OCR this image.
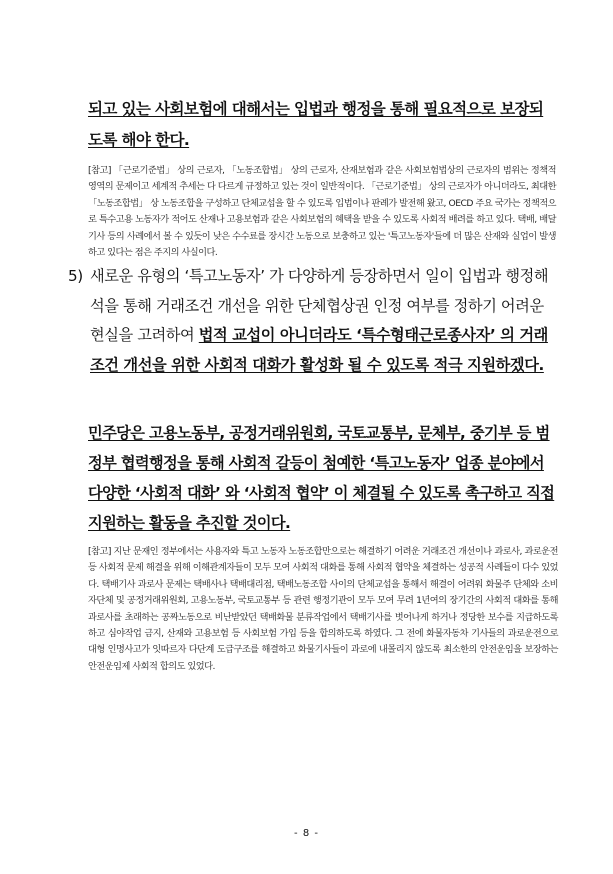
되고 있는 사회보험에 대해서는 입법과 행정을 통해 필요적으로 보장되도록 해야 한다.

[참고] 「근로기준법」 상의 근로자, 「노동조합법」 상의 근로자, 산재보험과 같은 사회보험법상의 근로자의 범위는 정책적 영역의 문제이고 세계적 추세는 다 다르게 규정하고 있는 것이 일반적이다. 「근로기준법」 상의 근로자가 아니더라도, 최대한 「노동조합법」 상 노동조합을 구성하고 단체교섭을 할 수 있도록 입법이나 판례가 발전해 왔고, OECD 주요 국가는 정책적으로 특수고용 노동자가 적어도 산재나 고용보험과 같은 사회보험의 혜택을 받을 수 있도록 사회적 배려를 하고 있다. 택배, 배달기사 등의 사례에서 볼 수 있듯이 낮은 수수료를 장시간 노동으로 보충하고 있는 '특고노동자'들에 더 많은 산재와 실업이 발생하고 있다는 점은 주지의 사실이다.

5) 새로운 유형의 ‘특고노동자’ 가 다양하게 등장하면서 일이 입법과 행정해석을 통해 거래조건 개선을 위한 단체협상권 인정 여부를 정하기 어려운 현실을 고려하여 법적 교섭이 아니더라도 ‘특수형태근로종사자’ 의 거래조건 개선을 위한 사회적 대화가 활성화 될 수 있도록 적극 지원하겠다.

민주당은 고용노동부, 공정거래위원회, 국토교통부, 문체부, 중기부 등 범정부 협력행정을 통해 사회적 갈등이 첨예한 ‘특고노동자’ 업종 분야에서 다양한 ‘사회적 대화’ 와 ‘사회적 협약’ 이 체결될 수 있도록 촉구하고 직접 지원하는 활동을 추진할 것이다.

[참고] 지난 문재인 정부에서는 사용자와 특고 노동자 노동조합만으로는 해결하기 어려운 거래조건 개선이나 과로사, 과로운전 등 사회적 문제 해결을 위해 이해관계자들이 모두 모여 사회적 대화를 통해 사회적 협약을 체결하는 성공적 사례들이 다수 있었다. 택배기사 과로사 문제는 택배사나 택배대리점, 택배노동조합 사이의 단체교섭을 통해서 해결이 어려워 화물주 단체와 소비자단체 및 공정거래위원회, 고용노동부, 국토교통부 등 관련 행정기관이 모두 모여 무려 1년여의 장기간의 사회적 대화를 통해 과로사를 초래하는 공짜노동으로 비난받았던 택배화물 분류작업에서 택배기사를 벗어나게 하거나 정당한 보수를 지급하도록 하고 심야작업 금지, 산재와 고용보험 등 사회보험 가입 등을 합의하도록 하였다. 그 전에 화물자동차 기사들의 과로운전으로 대형 인명사고가 잇따르자 다단계 도급구조를 해결하고 화물기사들이 과로에 내몰리지 않도록 최소한의 안전운임을 보장하는 안전운임제 사회적 합의도 있었다.

- 8 -
